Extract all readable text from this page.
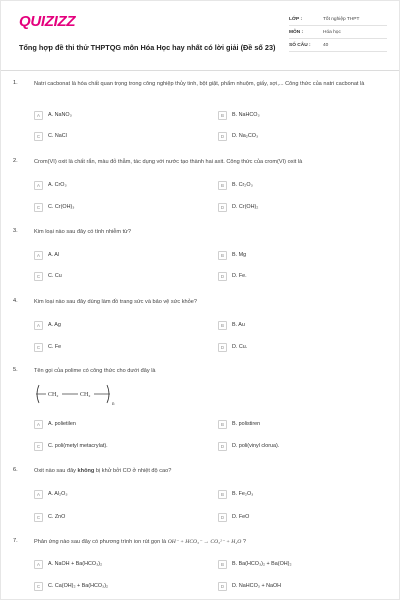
QUIZIZZ
Tổng hợp đề thi thử THPTQG môn Hóa Học hay nhất có lời giải (Đề số 23)
LỚP :	Tốt nghiệp THPT
MÔN :	Hóa học
SỐ CÂU :	40
1.	Natri cacbonat là hóa chất quan trọng trong công nghiệp thủy tinh, bột giặt, phẩm nhuộm, giấy, sợi,... Công thức của natri cacbonat là
A	A. NaNO₃	B	B. NaHCO₃
C	C. NaCl	D	D. Na₂CO₃
2.	Crom(VI) oxit là chất rắn, màu đỏ thẫm, tác dụng với nước tạo thành hai axit. Công thức của crom(VI) oxit là
A	A. CrO₃	B	B. Cr₂O₃
C	C. Cr(OH)₃	D	D. Cr(OH)₂
3.	Kim loại nào sau đây có tính nhiễm từ?
A	A. Al	B	B. Mg
C	C. Cu	D	D. Fe.
4.	Kim loại nào sau đây dùng làm đồ trang sức và bảo vệ sức khỏe?
A	A. Ag	B	B. Au
C	C. Fe	D	D. Cu.
5.	Tên gọi của polime có công thức cho dưới đây là
CH₂	CH₂
n
A	A. polietilen	B	B. polistiren
C	C. poli(metyl metacrylat).	D	D. poli(vinyl clorua).
6.	Oxit nào sau đây không bị khử bởi CO ở nhiệt độ cao?
A	A. Al₂O₃	B	B. Fe₂O₃
C	C. ZnO	D	D. FeO
7.	Phản ứng nào sau đây có phương trình ion rút gọn là OH⁻ + HCO₃⁻ → CO₃²⁻ + H₂O ?
A	A. NaOH + Ba(HCO₃)₂	B	B. Ba(HCO₃)₂ + Ba(OH)₂
C	C. Ca(OH)₂ + Ba(HCO₃)₂	D	D. NaHCO₃ + NaOH
